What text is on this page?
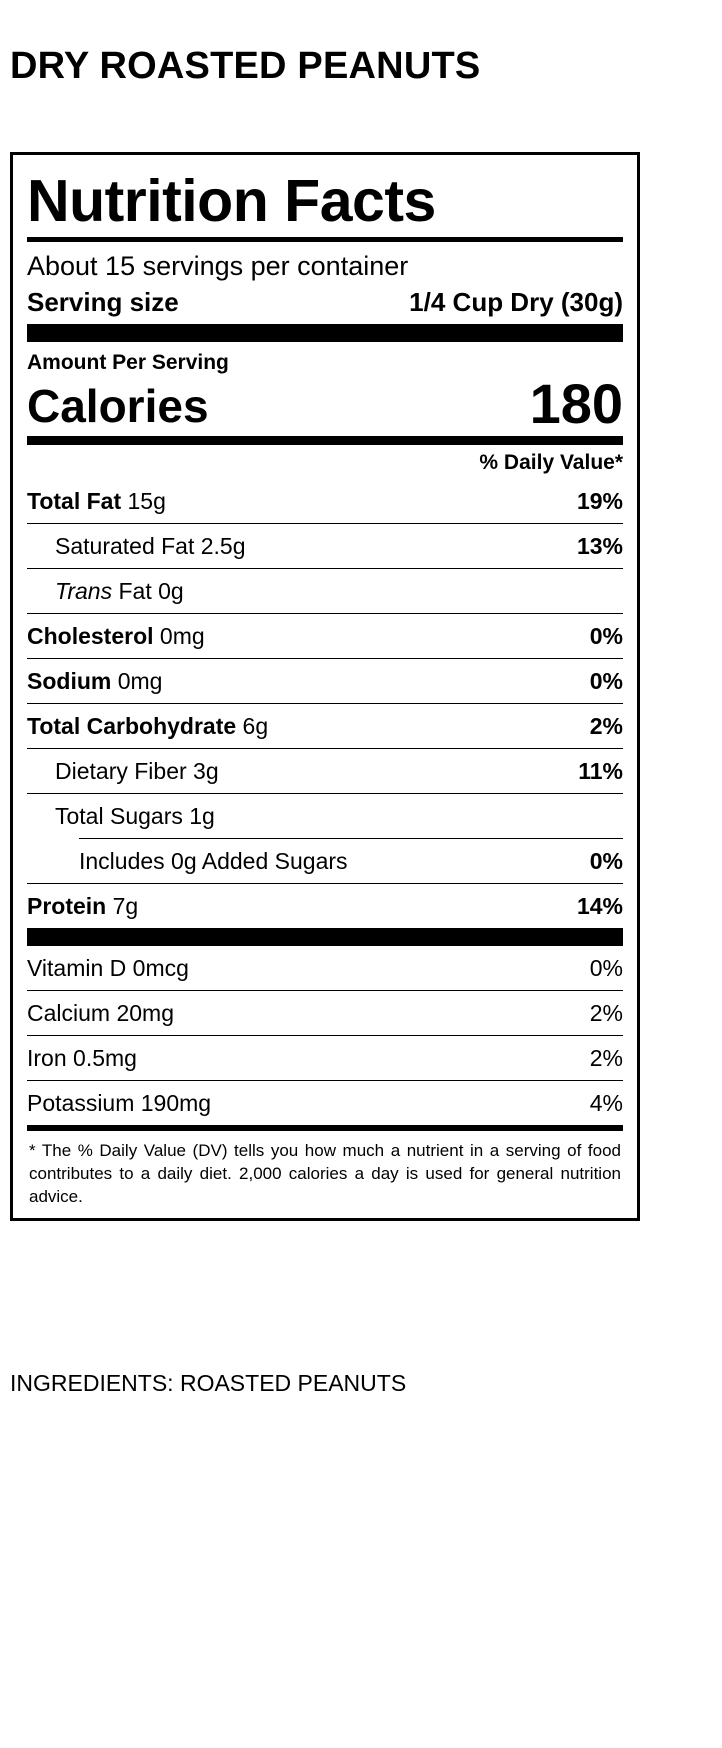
DRY ROASTED PEANUTS
Nutrition Facts
About 15 servings per container
Serving size	1/4 Cup Dry (30g)
Amount Per Serving
Calories	180
% Daily Value*
Total Fat 15g	19%
Saturated Fat 2.5g	13%
Trans Fat 0g
Cholesterol 0mg	0%
Sodium 0mg	0%
Total Carbohydrate 6g	2%
Dietary Fiber 3g	11%
Total Sugars 1g
Includes 0g Added Sugars	0%
Protein 7g	14%
Vitamin D 0mcg	0%
Calcium 20mg	2%
Iron 0.5mg	2%
Potassium 190mg	4%
* The % Daily Value (DV) tells you how much a nutrient in a serving of food contributes to a daily diet. 2,000 calories a day is used for general nutrition advice.
INGREDIENTS: ROASTED PEANUTS
